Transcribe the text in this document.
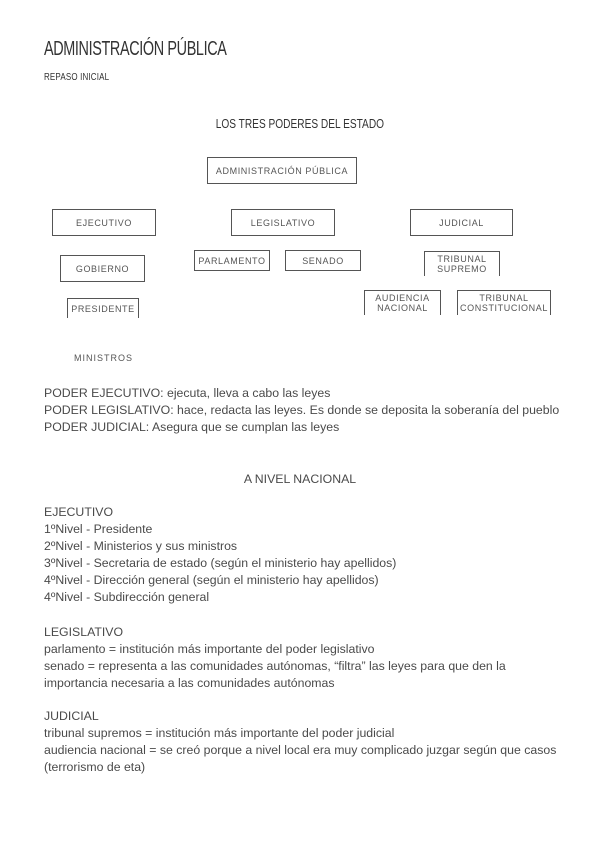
ADMINISTRACIÓN PÚBLICA
REPASO INICIAL
LOS TRES PODERES DEL ESTADO
ADMINISTRACIÓN PÚBLICA
EJECUTIVO	LEGISLATIVO	JUDICIAL
GOBIERNO
PRESIDENTE
MINISTROS
PARLAMENTO	SENADO	TRIBUNAL
SUPREMO
AUDIENCIA
NACIONAL
TRIBUNAL
CONSTITUCIONAL

PODER EJECUTIVO: ejecuta, lleva a cabo las leyes

PODER LEGISLATIVO: hace, redacta las leyes. Es donde se deposita la soberanía del pueblo

PODER JUDICIAL: Asegura que se cumplan las leyes

A NIVEL NACIONAL

EJECUTIVO

1ºNivel - Presidente

2ºNivel - Ministerios y sus ministros

3ºNivel - Secretaria de estado (según el ministerio hay apellidos)

4ºNivel - Dirección general (según el ministerio hay apellidos)

4ºNivel - Subdirección general

LEGISLATIVO

parlamento = institución más importante del poder legislativo

senado = representa a las comunidades autónomas, “filtra” las leyes para que den la importancia necesaria a las comunidades autónomas

JUDICIAL

tribunal supremos = institución más importante del poder judicial

audiencia nacional = se creó porque a nivel local era muy complicado juzgar según que casos (terrorismo de eta)
